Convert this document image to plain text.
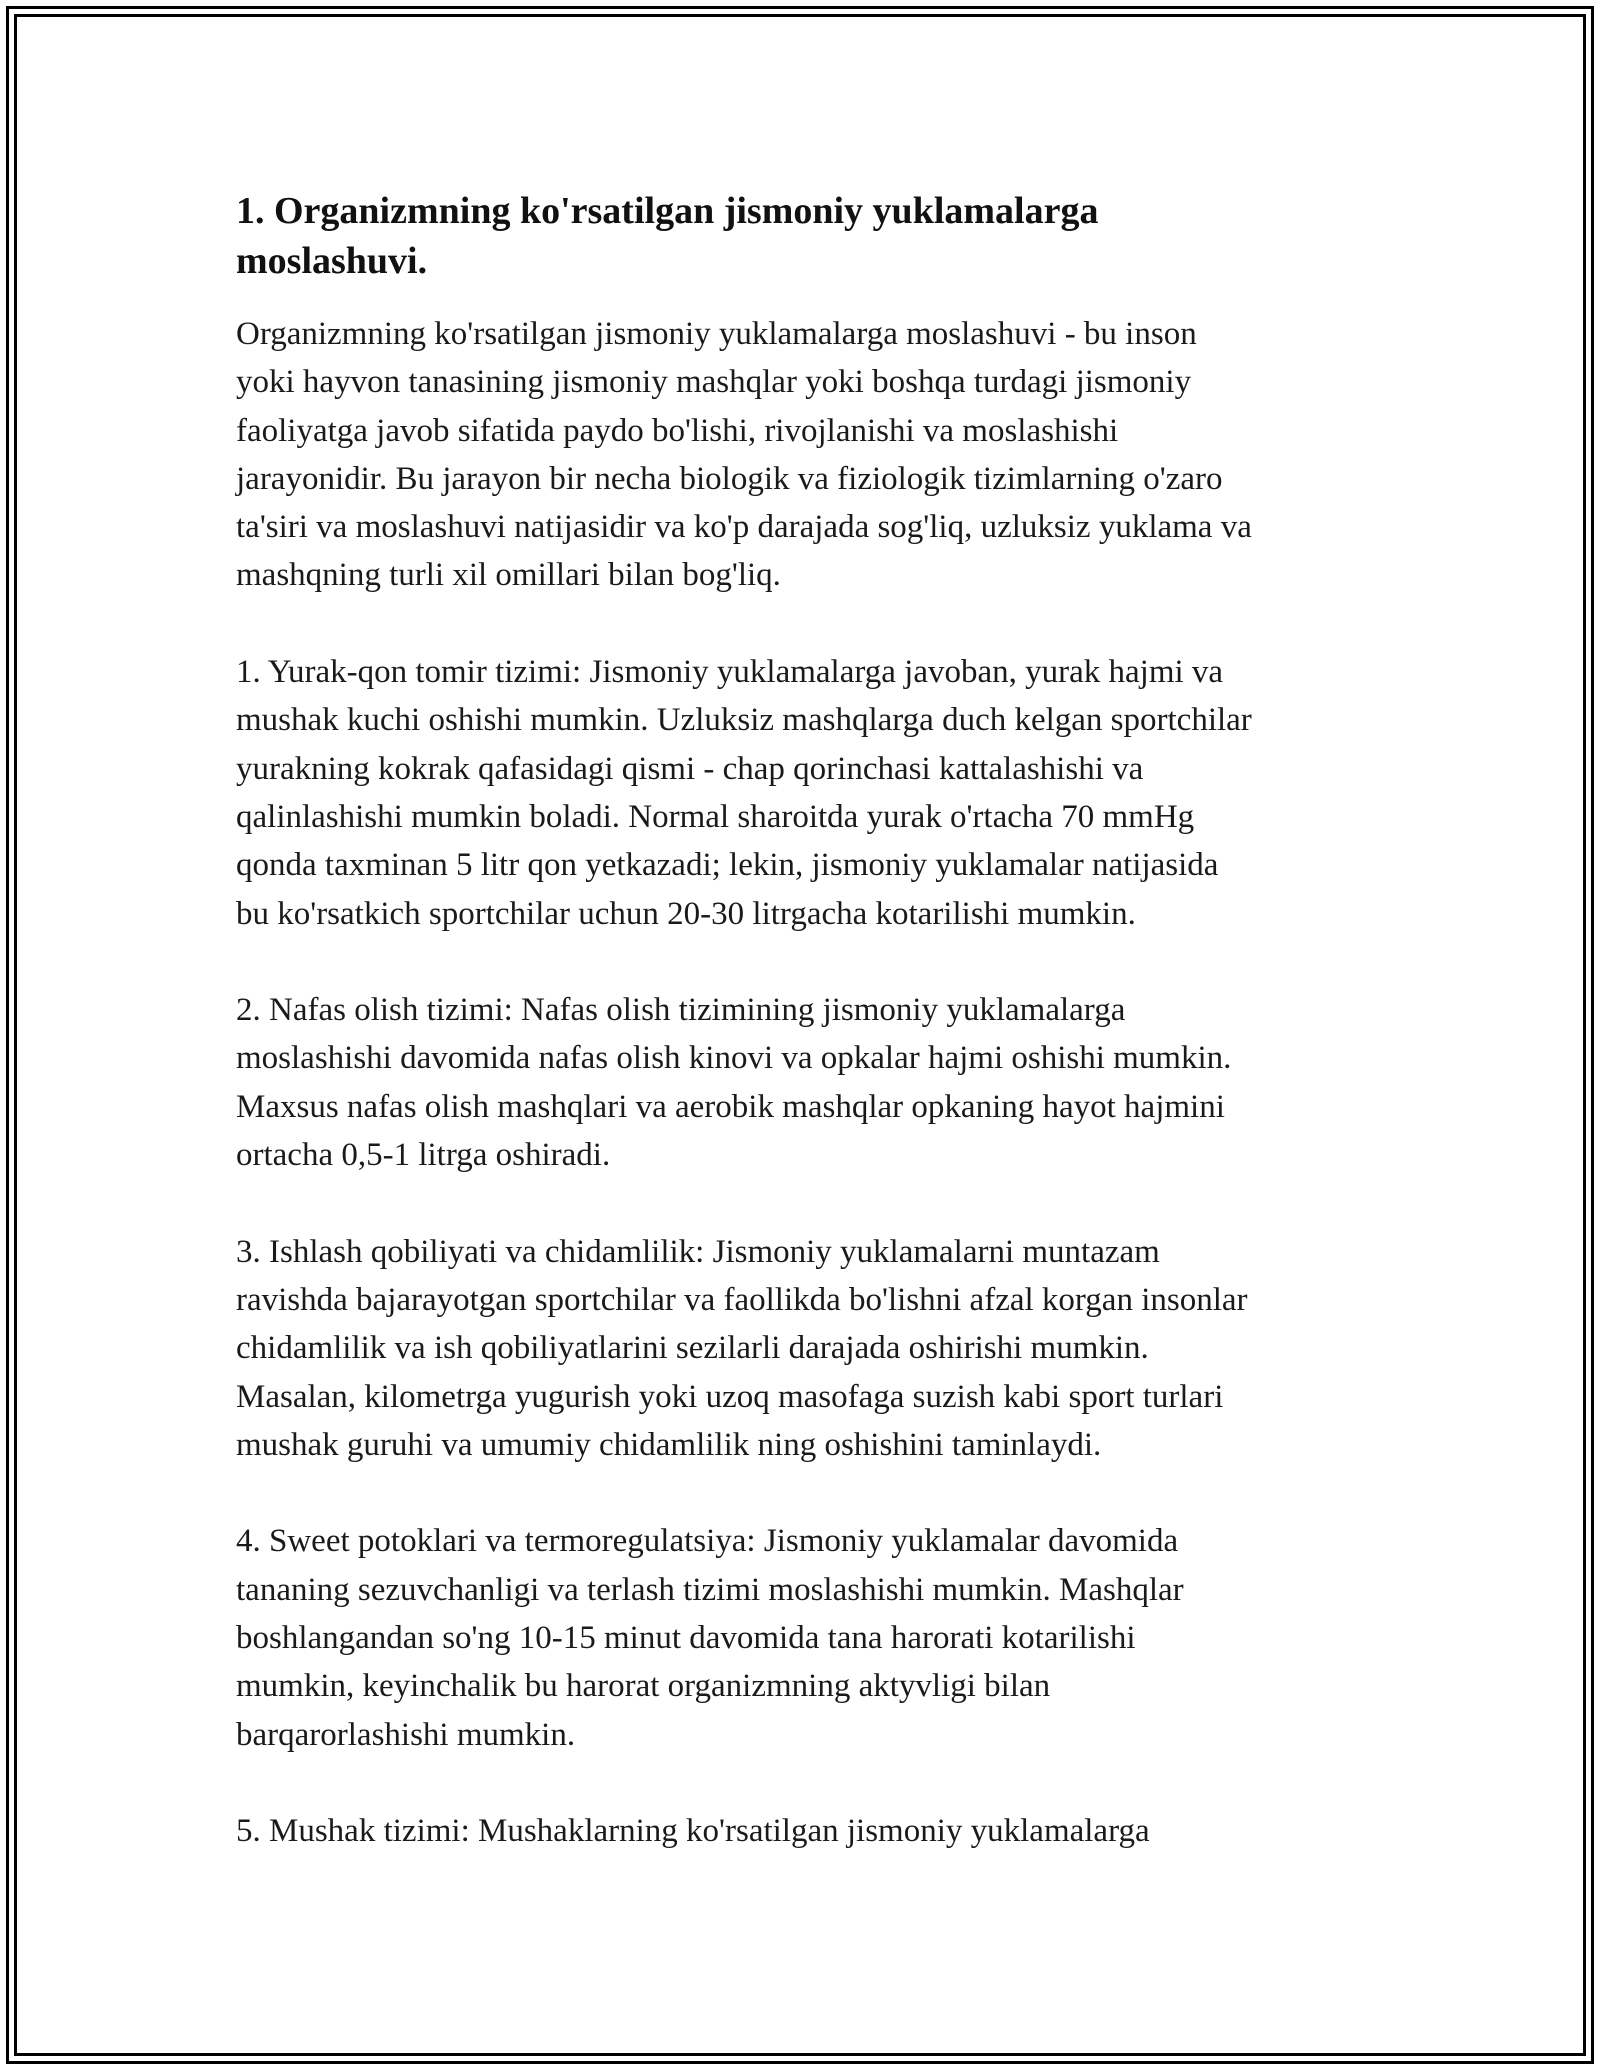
1. Organizmning ko'rsatilgan jismoniy yuklamalarga moslashuvi.

Organizmning ko'rsatilgan jismoniy yuklamalarga moslashuvi - bu inson
yoki hayvon tanasining jismoniy mashqlar yoki boshqa turdagi jismoniy
faoliyatga javob sifatida paydo bo'lishi, rivojlanishi va moslashishi
jarayonidir. Bu jarayon bir necha biologik va fiziologik tizimlarning o'zaro
ta'siri va moslashuvi natijasidir va ko'p darajada sog'liq, uzluksiz yuklama va
mashqning turli xil omillari bilan bog'liq.

1. Yurak-qon tomir tizimi: Jismoniy yuklamalarga javoban, yurak hajmi va
mushak kuchi oshishi mumkin. Uzluksiz mashqlarga duch kelgan sportchilar
yurakning kokrak qafasidagi qismi - chap qorinchasi kattalashishi va
qalinlashishi mumkin boladi. Normal sharoitda yurak o'rtacha 70 mmHg
qonda taxminan 5 litr qon yetkazadi; lekin, jismoniy yuklamalar natijasida
bu ko'rsatkich sportchilar uchun 20-30 litrgacha kotarilishi mumkin.

2. Nafas olish tizimi: Nafas olish tizimining jismoniy yuklamalarga
moslashishi davomida nafas olish kinovi va opkalar hajmi oshishi mumkin.
Maxsus nafas olish mashqlari va aerobik mashqlar opkaning hayot hajmini
ortacha 0,5-1 litrga oshiradi.

3. Ishlash qobiliyati va chidamlilik: Jismoniy yuklamalarni muntazam
ravishda bajarayotgan sportchilar va faollikda bo'lishni afzal korgan insonlar
chidamlilik va ish qobiliyatlarini sezilarli darajada oshirishi mumkin.
Masalan, kilometrga yugurish yoki uzoq masofaga suzish kabi sport turlari
mushak guruhi va umumiy chidamlilik ning oshishini taminlaydi.

4. Sweet potoklari va termoregulatsiya: Jismoniy yuklamalar davomida
tananing sezuvchanligi va terlash tizimi moslashishi mumkin. Mashqlar
boshlangandan so'ng 10-15 minut davomida tana harorati kotarilishi
mumkin, keyinchalik bu harorat organizmning aktyvligi bilan
barqarorlashishi mumkin.

5. Mushak tizimi: Mushaklarning ko'rsatilgan jismoniy yuklamalarga
